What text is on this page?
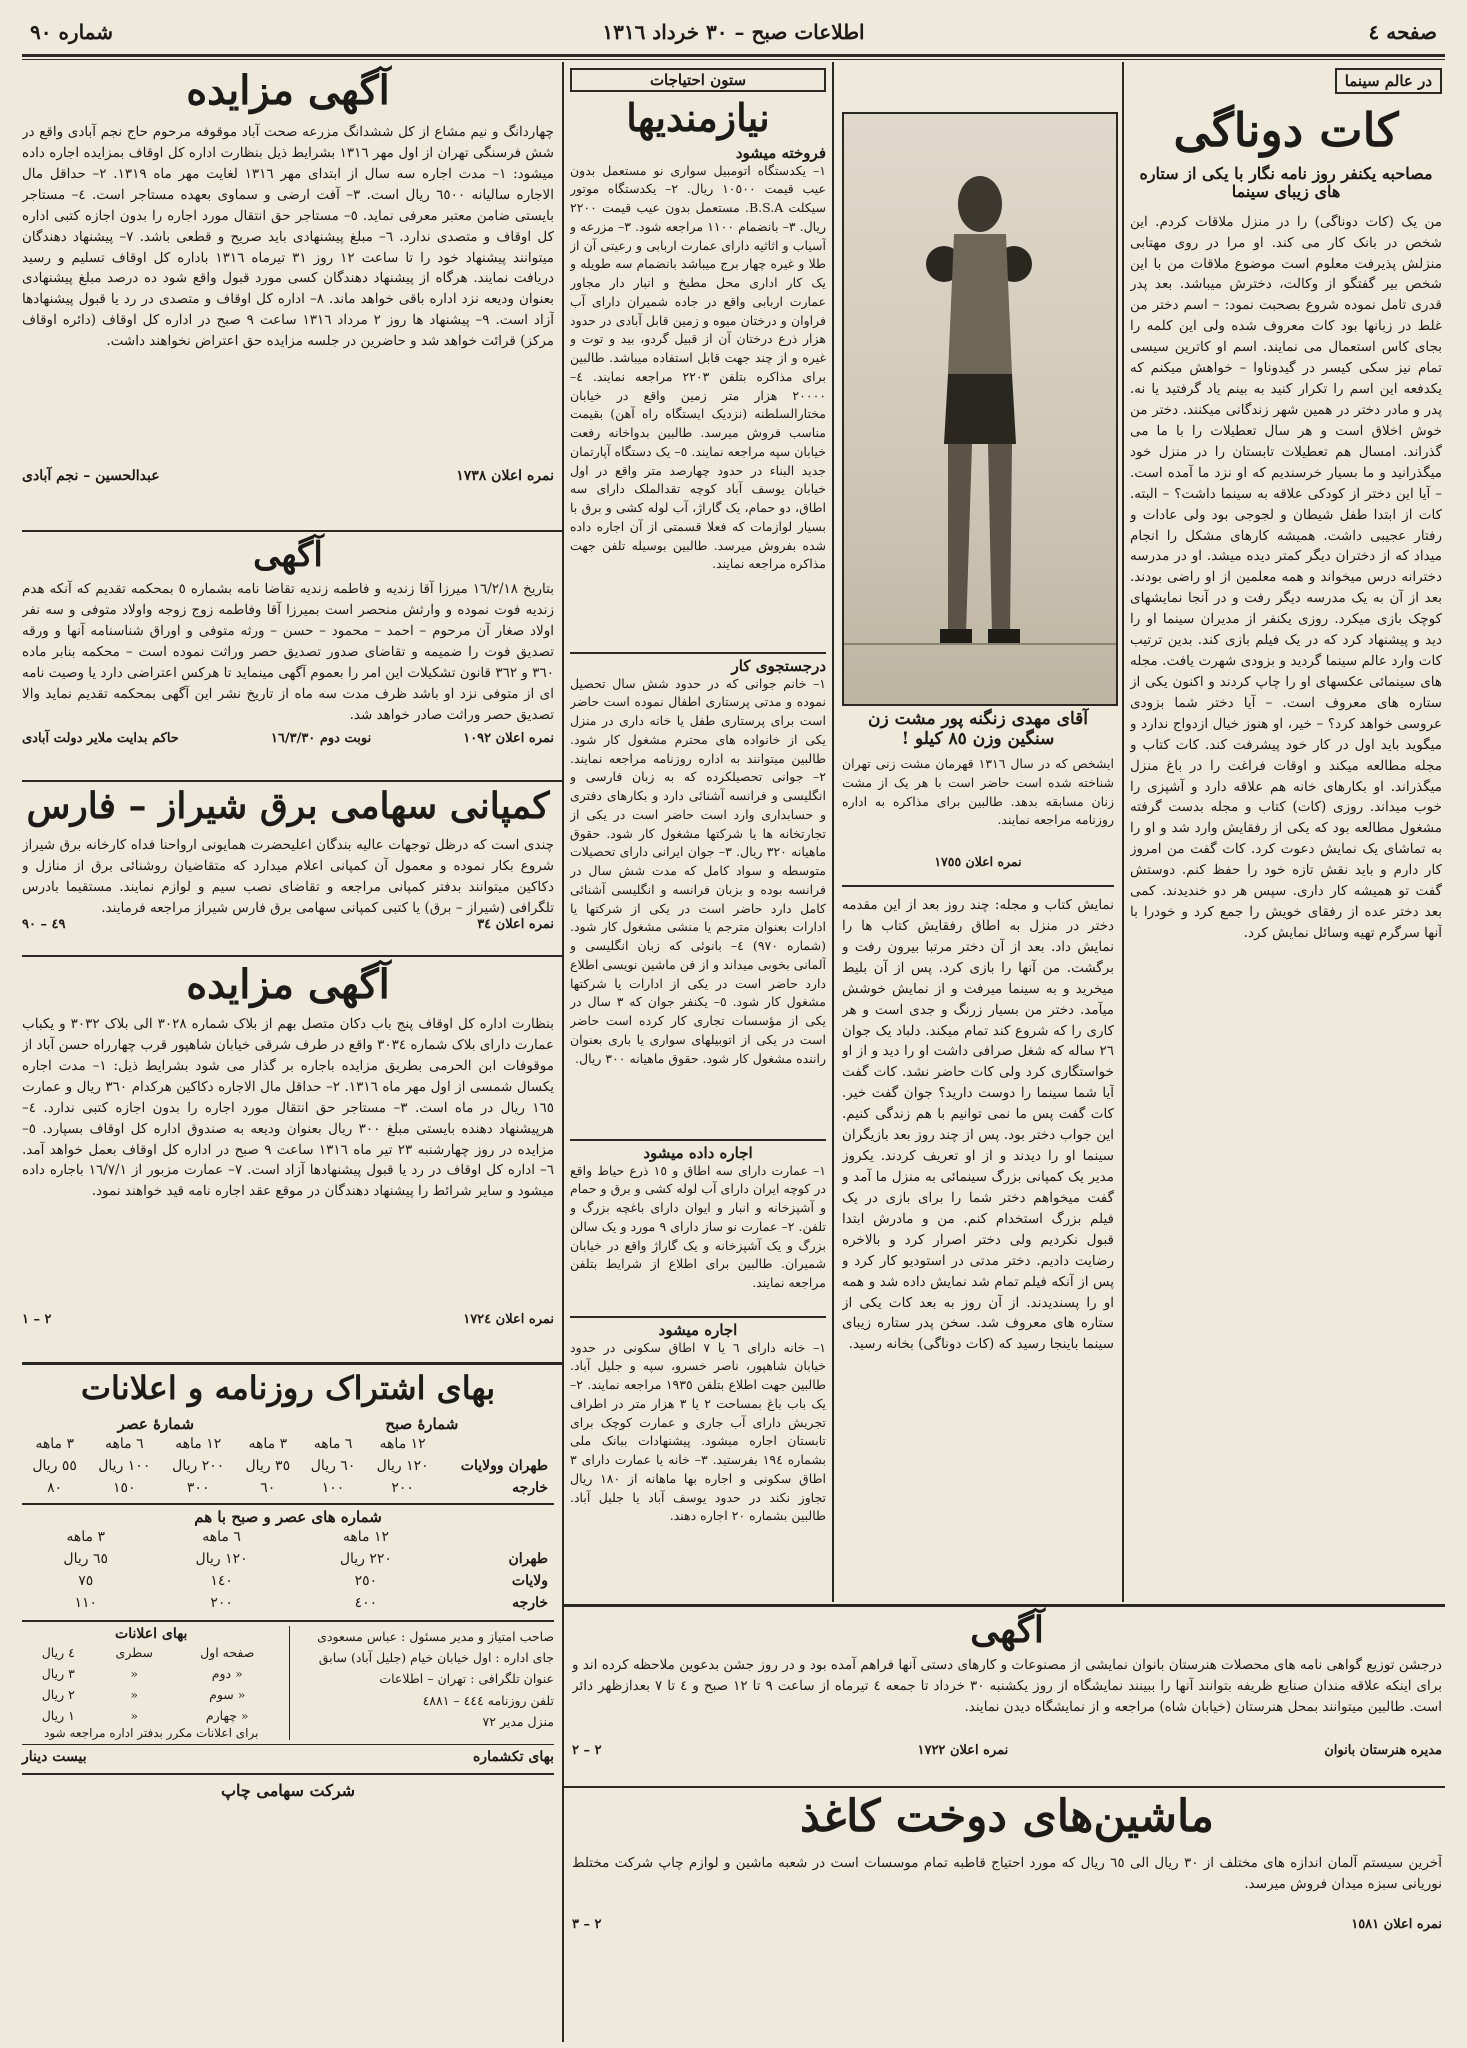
صفحه ٤
اطلاعات صبح – ٣٠ خرداد ١٣١٦
شماره ٩٠
در عالم سینما
کات دوناگی
مصاحبه یکنفر روز نامه نگار با یکی از ستاره های زیبای سینما
من یک (کات دوناگی) را در منزل ملاقات کردم. این شخص در بانک کار می کند. او مرا در روی مهتابی منزلش پذیرفت معلوم است موضوع ملاقات من با این شخص بیر گفتگو از وکالت، دخترش میباشد. بعد پدر قدری تامل نموده شروع بصحبت نمود: – اسم دختر من غلط در زبانها بود کات معروف شده ولی این کلمه را بجای کاس استعمال می نمایند. اسم او کاترین سیسی تمام نیز سکی کیسر در گیدوناوا – خواهش میکنم که یکدفعه این اسم را تکرار کنید به بینم یاد گرفتید یا نه. پدر و مادر دختر در همین شهر زندگانی میکنند. دختر من خوش اخلاق است و هر سال تعطیلات را با ما می گذراند. امسال هم تعطیلات تابستان را در منزل خود میگذرانید و ما بسیار خرسندیم که او نزد ما آمده است. – آیا این دختر از کودکی علاقه به سینما داشت؟ – البته. کات از ابتدا طفل شیطان و لجوجی بود ولی عادات و رفتار عجیبی داشت. همیشه کارهای مشکل را انجام میداد که از دختران دیگر کمتر دیده میشد. او در مدرسه دخترانه درس میخواند و همه معلمین از او راضی بودند. بعد از آن به یک مدرسه دیگر رفت و در آنجا نمایشهای کوچک بازی میکرد. روزی یکنفر از مدیران سینما او را دید و پیشنهاد کرد که در یک فیلم بازی کند. بدین ترتیب کات وارد عالم سینما گردید و بزودی شهرت یافت. مجله های سینمائی عکسهای او را چاپ کردند و اکنون یکی از ستاره های معروف است. – آیا دختر شما بزودی عروسی خواهد کرد؟ – خیر، او هنوز خیال ازدواج ندارد و میگوید باید اول در کار خود پیشرفت کند. کات کتاب و مجله مطالعه میکند و اوقات فراغت را در باغ منزل میگذراند. او بکارهای خانه هم علاقه دارد و آشپزی را خوب میداند. روزی (کات) کتاب و مجله بدست گرفته مشغول مطالعه بود که یکی از رفقایش وارد شد و او را به تماشای یک نمایش دعوت کرد. کات گفت من امروز کار دارم و باید نقش تازه خود را حفظ کنم. دوستش گفت تو همیشه کار داری. سپس هر دو خندیدند. کمی بعد دختر عده از رفقای خویش را جمع کرد و خودرا با آنها سرگرم تهیه وسائل نمایش کرد.
آقای مهدی زنگنه پور مشت زن سنگین وزن ٨٥ کیلو !
ایشخص که در سال ١٣١٦ قهرمان مشت زنی تهران شناخته شده است حاضر است با هر یک از مشت زنان مسابقه بدهد. طالبین برای مذاکره به اداره روزنامه مراجعه نمایند.
نمره اعلان ١٧٥٥
نمایش کتاب و مجله: چند روز بعد از این مقدمه دختر در منزل به اطاق رفقایش کتاب ها را نمایش داد. بعد از آن دختر مرتبا بیرون رفت و برگشت. من آنها را بازی کرد. پس از آن بلیط میخرید و به سینما میرفت و از نمایش خوشش میآمد. دختر من بسیار زرنگ و جدی است و هر کاری را که شروع کند تمام میکند. دلباد یک جوان ٢٦ ساله که شغل صرافی داشت او را دید و از او خواستگاری کرد ولی کات حاضر نشد. کات گفت آیا شما سینما را دوست دارید؟ جوان گفت خیر. کات گفت پس ما نمی توانیم با هم زندگی کنیم. این جواب دختر بود. پس از چند روز بعد بازیگران سینما او را دیدند و از او تعریف کردند. یکروز مدیر یک کمپانی بزرگ سینمائی به منزل ما آمد و گفت میخواهم دختر شما را برای بازی در یک فیلم بزرگ استخدام کنم. من و مادرش ابتدا قبول نکردیم ولی دختر اصرار کرد و بالاخره رضایت دادیم. دختر مدتی در استودیو کار کرد و پس از آنکه فیلم تمام شد نمایش داده شد و همه او را پسندیدند. از آن روز به بعد کات یکی از ستاره های معروف شد. سخن پدر ستاره زیبای سینما باینجا رسید که (کات دوناگی) بخانه رسید.
ستون احتیاجات
نیازمندیها
فروخته میشود
١– یکدستگاه اتومبیل سواری نو مستعمل بدون عیب قیمت ١٠٥٠٠ ریال. ٢– یکدستگاه موتور سیکلت B.S.A. مستعمل بدون عیب قیمت ٢٢٠٠ ریال. ٣– بانضمام ١١٠٠ مراجعه شود. ٣– مزرعه و آسیاب و اثاثیه دارای عمارت اربابی و رعیتی آن از طلا و غیره چهار برج میباشد بانضمام سه طویله و یک کار اداری محل مطبخ و انبار دار مجاور عمارت اربابی واقع در جاده شمیران دارای آب فراوان و درختان میوه و زمین قابل آبادی در حدود هزار ذرع درختان آن از قبیل گردو، بید و توت و غیره و از چند جهت قابل استفاده میباشد. طالبین برای مذاکره بتلفن ٢٢٠٣ مراجعه نمایند. ٤– ٢٠٠٠٠ هزار متر زمین واقع در خیابان مختارالسلطنه (نزدیک ایستگاه راه آهن) بقیمت مناسب فروش میرسد. طالبین بدواخانه رفعت خیابان سپه مراجعه نمایند. ٥– یک دستگاه آپارتمان جدید البناء در حدود چهارصد متر واقع در اول خیابان یوسف آباد کوچه تقدالملک دارای سه اطاق، دو حمام، یک گاراژ، آب لوله کشی و برق با بسیار لوازمات که فعلا قسمتی از آن اجاره داده شده بفروش میرسد. طالبین بوسیله تلفن جهت مذاکره مراجعه نمایند.
درجستجوی کار
١– خانم جوانی که در حدود شش سال تحصیل نموده و مدتی پرستاری اطفال نموده است حاضر است برای پرستاری طفل یا خانه داری در منزل یکی از خانواده های محترم مشغول کار شود. طالبین میتوانند به اداره روزنامه مراجعه نمایند. ٢– جوانی تحصیلکرده که به زبان فارسی و انگلیسی و فرانسه آشنائی دارد و بکارهای دفتری و حسابداری وارد است حاضر است در یکی از تجارتخانه ها یا شرکتها مشغول کار شود. حقوق ماهیانه ٣٢٠ ریال. ٣– جوان ایرانی دارای تحصیلات متوسطه و سواد کامل که مدت شش سال در فرانسه بوده و بزبان فرانسه و انگلیسی آشنائی کامل دارد حاضر است در یکی از شرکتها یا ادارات بعنوان مترجم یا منشی مشغول کار شود. (شماره ٩٧٠) ٤– بانوئی که زبان انگلیسی و آلمانی بخوبی میداند و از فن ماشین نویسی اطلاع دارد حاضر است در یکی از ادارات یا شرکتها مشغول کار شود. ٥– یکنفر جوان که ٣ سال در یکی از مؤسسات تجاری کار کرده است حاضر است در یکی از اتوبیلهای سواری یا باری بعنوان راننده مشغول کار شود. حقوق ماهیانه ٣٠٠ ریال.
اجاره داده میشود
١– عمارت دارای سه اطاق و ١٥ ذرع حیاط واقع در کوچه ایران دارای آب لوله کشی و برق و حمام و آشپزخانه و انبار و ایوان دارای باغچه بزرگ و تلفن. ٢– عمارت نو ساز دارای ٩ مورد و یک سالن بزرگ و یک آشپزخانه و یک گاراژ واقع در خیابان شمیران. طالبین برای اطلاع از شرایط بتلفن مراجعه نمایند.
اجاره میشود
١– خانه دارای ٦ یا ٧ اطاق سکونی در حدود خیابان شاهپور، ناصر خسرو، سپه و جلیل آباد. طالبین جهت اطلاع بتلفن ١٩٣٥ مراجعه نمایند. ٢– یک باب باغ بمساحت ٢ یا ٣ هزار متر در اطراف تجریش دارای آب جاری و عمارت کوچک برای تابستان اجاره میشود. پیشنهادات ببانک ملی بشماره ١٩٤ بفرستید. ٣– خانه یا عمارت دارای ٣ اطاق سکونی و اجاره بها ماهانه از ١٨٠ ریال تجاوز نکند در حدود یوسف آباد یا جلیل آباد. طالبین بشماره ٢٠ اجاره دهند.
آگهی مزایده
چهاردانگ و نیم مشاع از کل ششدانگ مزرعه صحت آباد موقوفه مرحوم حاج نجم آبادی واقع در شش فرسنگی تهران از اول مهر ١٣١٦ بشرایط ذیل بنظارت اداره کل اوقاف بمزایده اجاره داده میشود: ١– مدت اجاره سه سال از ابتدای مهر ١٣١٦ لغایت مهر ماه ١٣١٩. ٢– حداقل مال الاجاره سالیانه ٦٥٠٠ ریال است. ٣– آفت ارضی و سماوی بعهده مستاجر است. ٤– مستاجر بایستی ضامن معتبر معرفی نماید. ٥– مستاجر حق انتقال مورد اجاره را بدون اجازه کتبی اداره کل اوقاف و متصدی ندارد. ٦– مبلغ پیشنهادی باید صریح و قطعی باشد. ٧– پیشنهاد دهندگان میتوانند پیشنهاد خود را تا ساعت ١٢ روز ٣١ تیرماه ١٣١٦ باداره کل اوقاف تسلیم و رسید دریافت نمایند. هرگاه از پیشنهاد دهندگان کسی مورد قبول واقع شود ده درصد مبلغ پیشنهادی بعنوان ودیعه نزد اداره باقی خواهد ماند. ٨– اداره کل اوقاف و متصدی در رد یا قبول پیشنهادها آزاد است. ٩– پیشنهاد ها روز ٢ مرداد ١٣١٦ ساعت ٩ صبح در اداره کل اوقاف (دائره اوقاف مرکز) قرائت خواهد شد و حاضرین در جلسه مزایده حق اعتراض نخواهند داشت.
نمره اعلان ١٧٣٨
عبدالحسین – نجم آبادی
آگهی
بتاریخ ١٦/٢/١٨ میرزا آقا زندیه و فاطمه زندیه تقاضا نامه بشماره ٥ بمحکمه تقدیم که آنکه هدم زندیه فوت نموده و وارثش منحصر است بمیرزا آقا وفاطمه زوج زوجه واولاد متوفی و سه نفر اولاد صغار آن مرحوم – احمد – محمود – حسن – ورثه متوفی و اوراق شناسنامه آنها و ورقه تصدیق فوت را ضمیمه و تقاضای صدور تصدیق حصر وراثت نموده است – محکمه بنابر ماده ٣٦٠ و ٣٦٢ قانون تشکیلات این امر را بعموم آگهی مینماید تا هرکس اعتراضی دارد یا وصیت نامه ای از متوفی نزد او باشد ظرف مدت سه ماه از تاریخ نشر این آگهی بمحکمه تقدیم نماید والا تصدیق حصر وراثت صادر خواهد شد.
نمره اعلان ١٠٩٢
نوبت دوم ١٦/٣/٣٠
حاکم بدایت ملایر دولت آبادی
کمپانی سهامی برق شیراز – فارس
چندی است که درظل توجهات عالیه بندگان اعلیحضرت همایونی ارواحنا فداه کارخانه برق شیراز شروع بکار نموده و معمول آن کمپانی اعلام میدارد که متقاضیان روشنائی برق از منازل و دکاکین میتوانند بدفتر کمپانی مراجعه و تقاضای نصب سیم و لوازم نمایند. مستقیما بادرس تلگرافی (شیراز – برق) یا کتبی کمپانی سهامی برق فارس شیراز مراجعه فرمایند.
نمره اعلان ٣٤
٤٩ – ٩٠
آگهی مزایده
بنظارت اداره کل اوقاف پنج باب دکان متصل بهم از بلاک شماره ٣٠٢٨ الی بلاک ٣٠٣٢ و یکباب عمارت دارای بلاک شماره ٣٠٣٤ واقع در طرف شرقی خیابان شاهپور قرب چهارراه حسن آباد از موقوفات ابن الحرمی بطریق مزایده باجاره بر گذار می شود بشرایط ذیل: ١– مدت اجاره یکسال شمسی از اول مهر ماه ١٣١٦. ٢– حداقل مال الاجاره دکاکین هرکدام ٣٦٠ ریال و عمارت ١٦٥ ریال در ماه است. ٣– مستاجر حق انتقال مورد اجاره را بدون اجازه کتبی ندارد. ٤– هرپیشنهاد دهنده بایستی مبلغ ٣٠٠ ریال بعنوان ودیعه به صندوق اداره کل اوقاف بسپارد. ٥– مزایده در روز چهارشنبه ٢٣ تیر ماه ١٣١٦ ساعت ٩ صبح در اداره کل اوقاف بعمل خواهد آمد. ٦– اداره کل اوقاف در رد یا قبول پیشنهادها آزاد است. ٧– عمارت مزبور از ١٦/٧/١ باجاره داده میشود و سایر شرائط را پیشنهاد دهندگان در موقع عقد اجاره نامه قید خواهند نمود.
نمره اعلان ١٧٢٤
٢ – ١
بهای اشتراک روزنامه و اعلانات
شمارهٔ صبح
شمارهٔ عصر
	١٢ ماهه	٦ ماهه	٣ ماهه	١٢ ماهه	٦ ماهه	٣ ماهه
طهران وولایات	١٢٠ ریال	٦٠ ریال	٣٥ ریال	٢٠٠ ریال	١٠٠ ریال	٥٥ ریال
خارجه	٢٠٠	١٠٠	٦٠	٣٠٠	١٥٠	٨٠
شماره های عصر و صبح با هم
	١٢ ماهه	٦ ماهه	٣ ماهه
طهران	٢٢٠ ریال	١٢٠ ریال	٦٥ ریال
ولایات	٢٥٠	١٤٠	٧٥
خارجه	٤٠٠	٢٠٠	١١٠
صاحب امتیاز و مدیر مسئول : عباس مسعودی
جای اداره : اول خیابان خیام (جلیل آباد) سابق
عنوان تلگرافی : تهران – اطلاعات
تلفن روزنامه ٤٤٤ – ٤٨٨١
منزل مدیر ٧٢
بهای اعلانات
صفحه اول	سطری	٤ ریال
« دوم	«	٣ ریال
« سوم	«	٢ ریال
« چهارم	«	١ ریال
برای اعلانات مکرر بدفتر اداره مراجعه شود
بهای تکشماره
بیست دینار
شرکت سهامی چاپ
آگهی
درجشن توزیع گواهی نامه های محصلات هنرستان بانوان نمایشی از مصنوعات و کارهای دستی آنها فراهم آمده بود و در روز جشن بدعوین ملاحظه کرده اند و برای اینکه علاقه مندان صنایع ظریفه بتوانند آنها را ببینند نمایشگاه از روز یکشنبه ٣٠ خرداد تا جمعه ٤ تیرماه از ساعت ٩ تا ١٢ صبح و ٤ تا ٧ بعدازظهر دائر است. طالبین میتوانند بمحل هنرستان (خیابان شاه) مراجعه و از نمایشگاه دیدن نمایند.
مدیره هنرستان بانوان
نمره اعلان ١٧٢٢
٢ – ٢
ماشین‌های دوخت کاغذ
آخرین سیستم آلمان اندازه های مختلف از ٣٠ ریال الی ٦٥ ریال که مورد احتیاج قاطبه تمام موسسات است در شعبه ماشین و لوازم چاپ شرکت مختلط نوریانی سبزه میدان فروش میرسد.
نمره اعلان ١٥٨١
٢ – ٣
